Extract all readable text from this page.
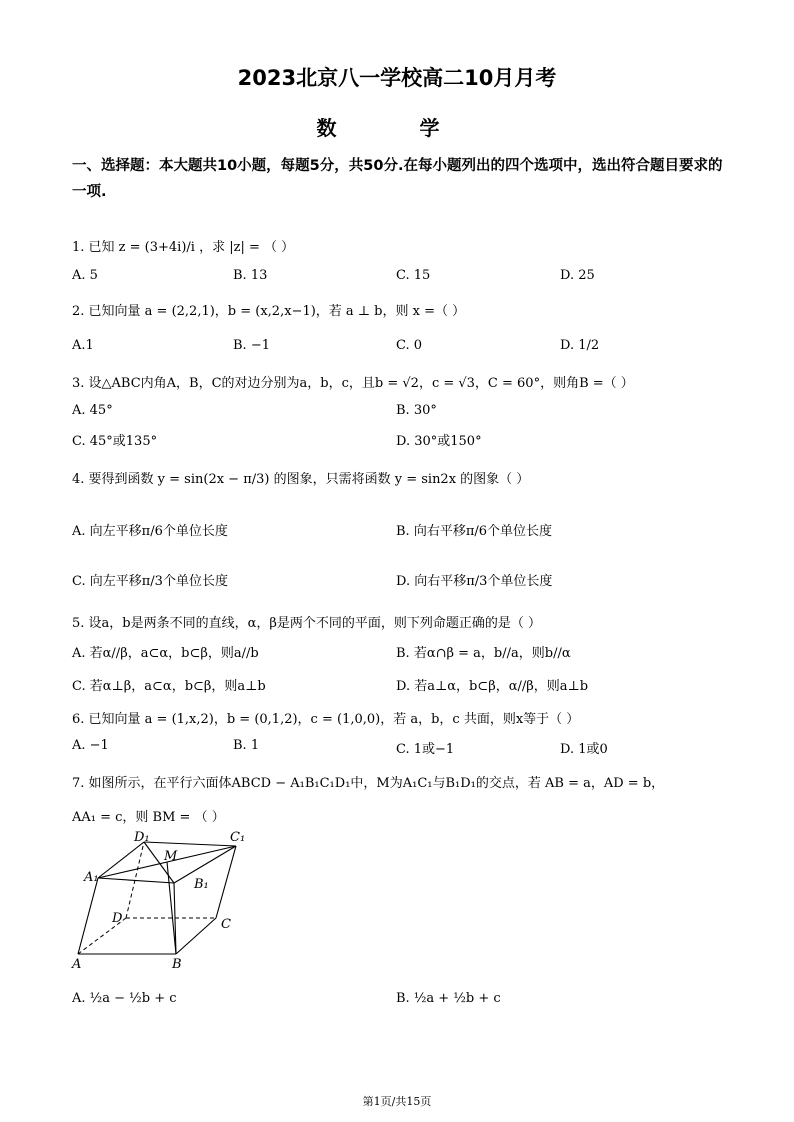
2023北京八一学校高二10月月考
数 学
一、选择题：本大题共10小题，每题5分，共50分.在每小题列出的四个选项中，选出符合题目要求的一项.
1. 已知 z = (3+4i)/i ，求 |z| = （ ）
A. 5	B. 13	C. 15	D. 25
2. 已知向量 a = (2,2,1)，b = (x,2,x−1)，若 a ⊥ b，则 x =（ ）
A.1	B. −1	C. 0	D. 1/2
3. 设△ABC内角A，B，C的对边分别为a，b，c，且b = √2，c = √3，C = 60°，则角B =（ ）
A. 45°	B. 30°
C. 45°或135°	D. 30°或150°
4. 要得到函数 y = sin(2x − π/3) 的图象，只需将函数 y = sin2x 的图象（ ）
A. 向左平移π/6个单位长度	B. 向右平移π/6个单位长度
C. 向左平移π/3个单位长度	D. 向右平移π/3个单位长度
5. 设a，b是两条不同的直线，α，β是两个不同的平面，则下列命题正确的是（ ）
A. 若α//β，a⊂α，b⊂β，则a//b	B. 若α∩β = a，b//a，则b//α
C. 若α⊥β，a⊂α，b⊂β，则a⊥b	D. 若a⊥α，b⊂β，α//β，则a⊥b
6. 已知向量 a = (1,x,2)，b = (0,1,2)，c = (1,0,0)，若 a，b，c 共面，则x等于（ ）
A. −1	B. 1	C. 1或−1	D. 1或0
7. 如图所示，在平行六面体ABCD − A₁B₁C₁D₁中，M为A₁C₁与B₁D₁的交点，若 AB = a，AD = b，
AA₁ = c，则 BM = （ ）
D₁	C₁
M
A₁	B₁
D	C
A	B
A. ½a − ½b + c	B. ½a + ½b + c
第1页/共15页
